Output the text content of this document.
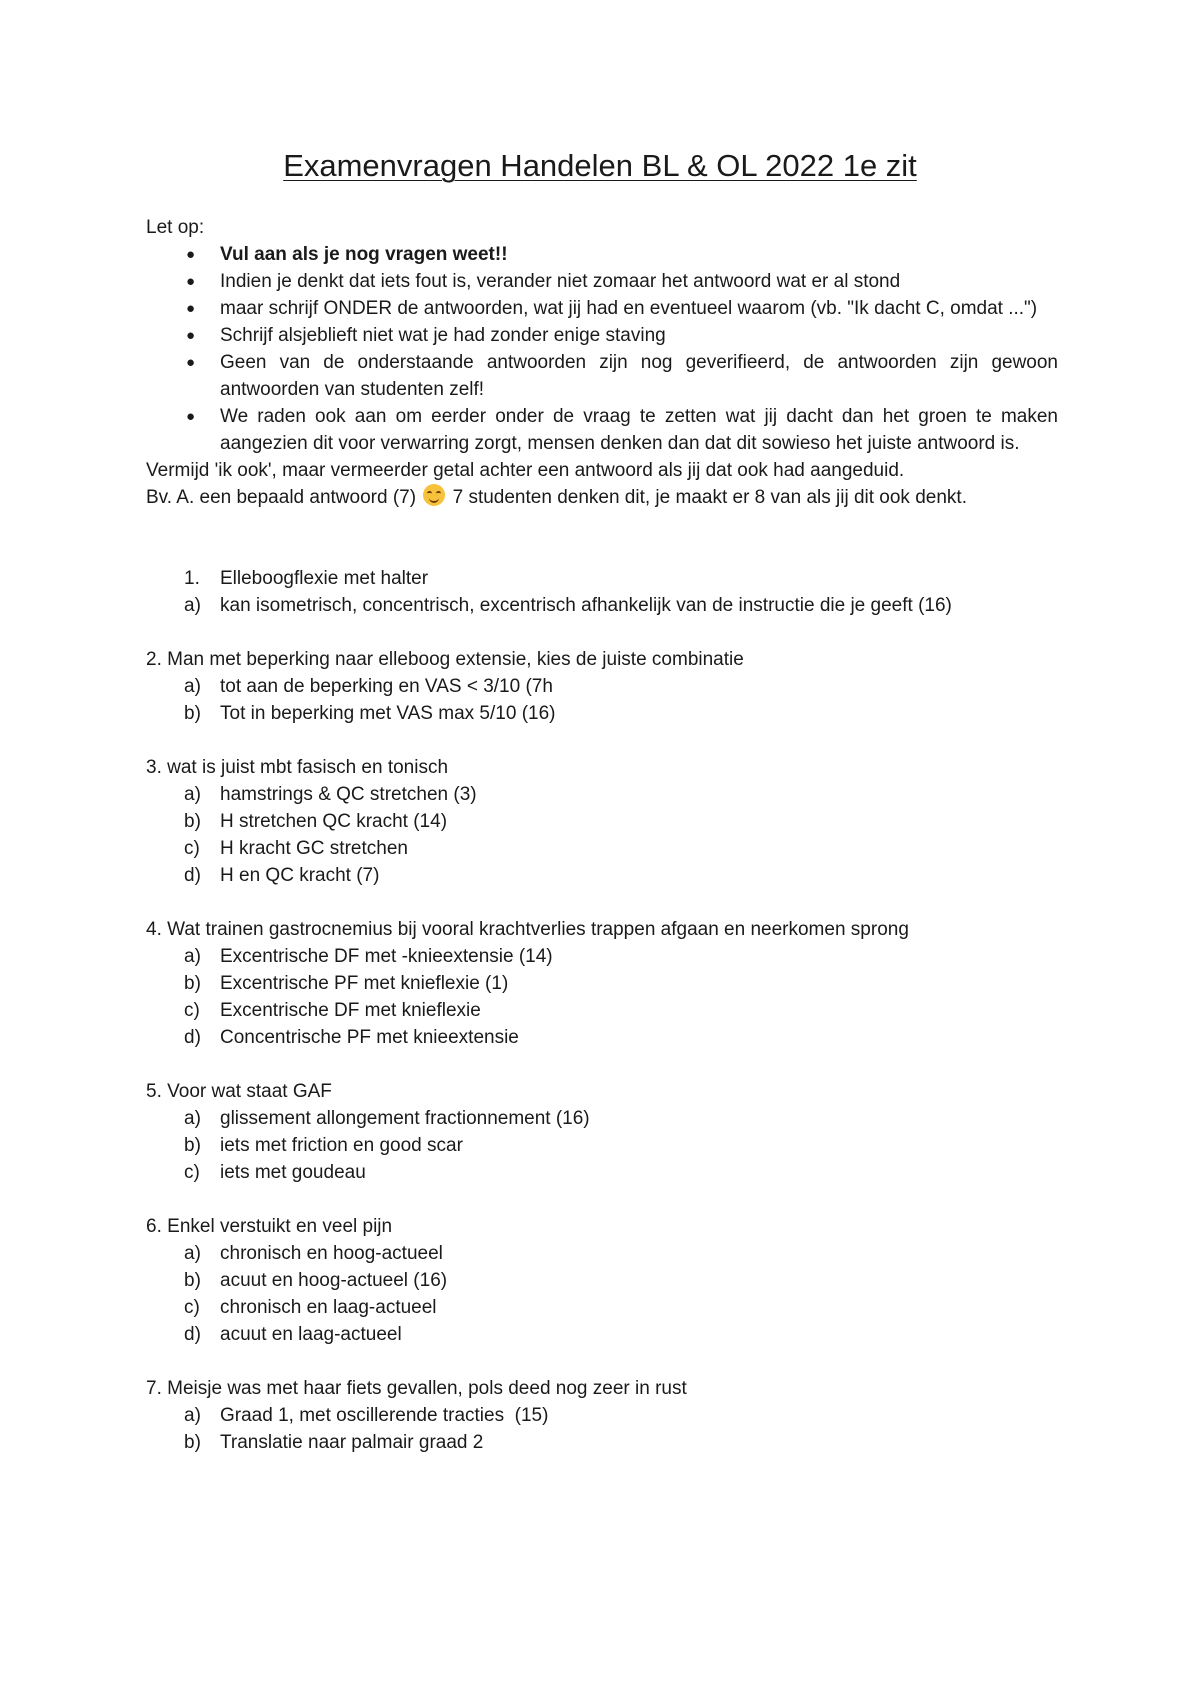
Examenvragen Handelen BL & OL 2022 1e zit

Let op:

● Vul aan als je nog vragen weet!!
● Indien je denkt dat iets fout is, verander niet zomaar het antwoord wat er al stond
● maar schrijf ONDER de antwoorden, wat jij had en eventueel waarom (vb. "Ik dacht C, omdat ...")
● Schrijf alsjeblieft niet wat je had zonder enige staving
● Geen van de onderstaande antwoorden zijn nog geverifieerd, de antwoorden zijn gewoon antwoorden van studenten zelf!
● We raden ook aan om eerder onder de vraag te zetten wat jij dacht dan het groen te maken aangezien dit voor verwarring zorgt, mensen denken dan dat dit sowieso het juiste antwoord is.

Vermijd 'ik ook', maar vermeerder getal achter een antwoord als jij dat ook had aangeduid.

Bv. A. een bepaald antwoord (7)
7 studenten denken dit, je maakt er 8 van als jij dit ook denkt.

1.	Elleboogflexie met halter

a) kan isometrisch, concentrisch, excentrisch afhankelijk van de instructie die je geeft (16)

2. Man met beperking naar elleboog extensie, kies de juiste combinatie

a) tot aan de beperking en VAS < 3/10 (7h

b) Tot in beperking met VAS max 5/10 (16)

3. wat is juist mbt fasisch en tonisch

a) hamstrings & QC stretchen (3)

b) H stretchen QC kracht (14)

c) H kracht GC stretchen

d) H en QC kracht (7)

4. Wat trainen gastrocnemius bij vooral krachtverlies trappen afgaan en neerkomen sprong

a) Excentrische DF met -knieextensie (14)

b) Excentrische PF met knieflexie (1)

c) Excentrische DF met knieflexie

d) Concentrische PF met knieextensie

5. Voor wat staat GAF

a) glissement allongement fractionnement (16)

b) iets met friction en good scar

c) iets met goudeau

6. Enkel verstuikt en veel pijn

a) chronisch en hoog-actueel

b) acuut en hoog-actueel (16)

c) chronisch en laag-actueel

d) acuut en laag-actueel

7. Meisje was met haar fiets gevallen, pols deed nog zeer in rust

a) Graad 1, met oscillerende tracties  (15)

b) Translatie naar palmair graad 2
